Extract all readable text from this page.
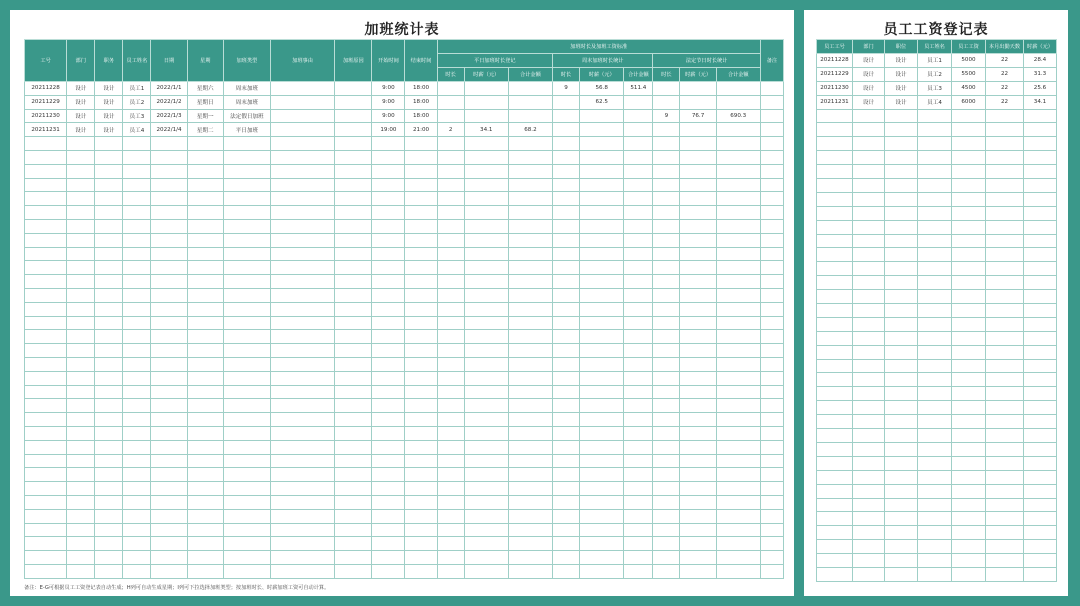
加班统计表
工号	部门	职务	员工姓名	日期	星期	加班类型	加班事由	加班原因	开始时间	结束时间	加班时长及加班工资标准									备注
											平日加班时长登记			周末加班时长统计			法定节日时长统计			
											时长	时薪（元）	合计金额	时长	时薪（元）	合计金额	时长	时薪（元）	合计金额	
20211228	设计	设计	员工1	2022/1/1	星期六	周末加班			9:00	18:00				9	56.8	511.4				
20211229	设计	设计	员工2	2022/1/2	星期日	周末加班			9:00	18:00					62.5					
20211230	设计	设计	员工3	2022/1/3	星期一	法定假日加班			9:00	18:00							9	76.7	690.3	
20211231	设计	设计	员工4	2022/1/4	星期二	平日加班			19:00	21:00	2	34.1	68.2							

备注：E-G可根据员工工资登记表自动生成；H列可自动生成星期；I列可下拉选择加班类型；按加班时长、时薪加班工资可自动计算。
员工工资登记表
员工工号	部门	职位	员工姓名	员工工资	本月出勤天数	时薪（元）
20211228	设计	设计	员工1	5000	22	28.4
20211229	设计	设计	员工2	5500	22	31.3
20211230	设计	设计	员工3	4500	22	25.6
20211231	设计	设计	员工4	6000	22	34.1
